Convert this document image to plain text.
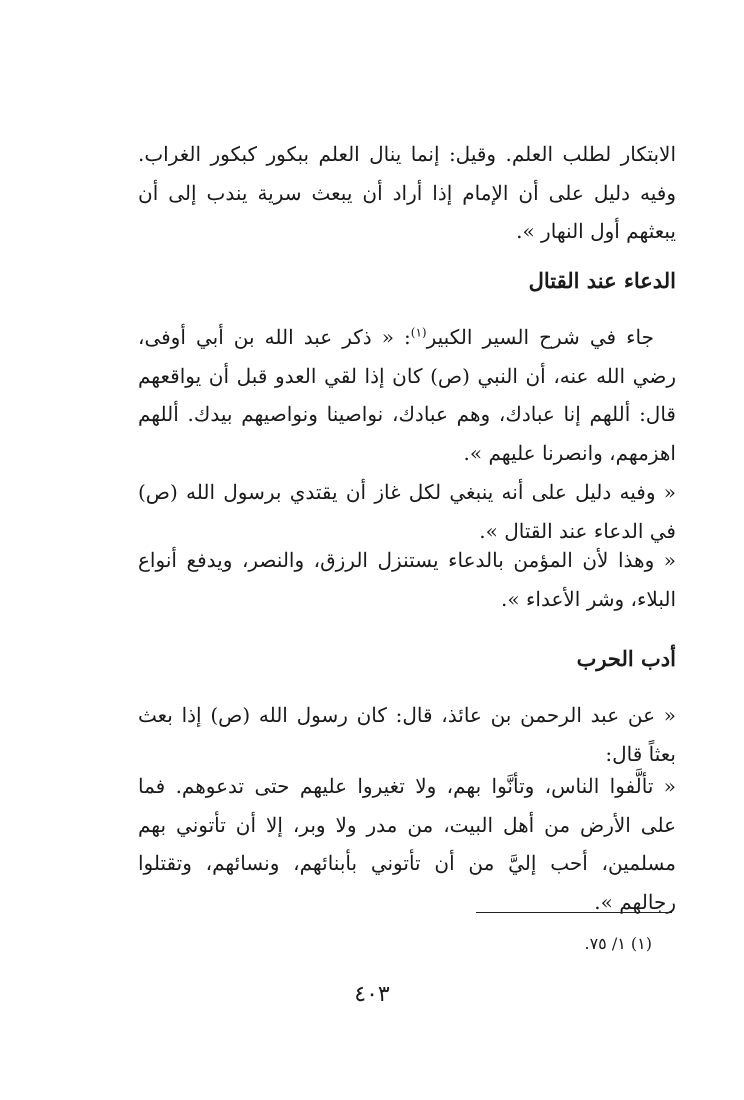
الابتكار لطلب العلم. وقيل: إنما ينال العلم ببكور كبكور الغراب. وفيه دليل على أن الإمام إذا أراد أن يبعث سرية يندب إلى أن يبعثهم أول النهار ».

الدعاء عند القتال

جاء في شرح السير الكبير$^{(١)}$: « ذكر عبد الله بن أبي أوفى، رضي الله عنه، أن النبي (ص) كان إذا لقي العدو قبل أن يواقعهم قال: أللهم إنا عبادك، وهم عبادك، نواصينا ونواصيهم بيدك. أللهم اهزمهم، وانصرنا عليهم ».

« وفيه دليل على أنه ينبغي لكل غاز أن يقتدي برسول الله (ص) في الدعاء عند القتال ».

« وهذا لأن المؤمن بالدعاء يستنزل الرزق، والنصر، ويدفع أنواع البلاء، وشر الأعداء ».

أدب الحرب

« عن عبد الرحمن بن عائذ، قال: كان رسول الله (ص) إذا بعث بعثاً قال:

« تألَّفوا الناس، وتأنَّوا بهم، ولا تغيروا عليهم حتى تدعوهم. فما على الأرض من أهل البيت، من مدر ولا وبر، إلا أن تأتوني بهم مسلمين، أحب إليَّ من أن تأتوني بأبنائهم، ونسائهم، وتقتلوا رجالهم ».

(١) ١/ ٧٥.

٤٠٣
